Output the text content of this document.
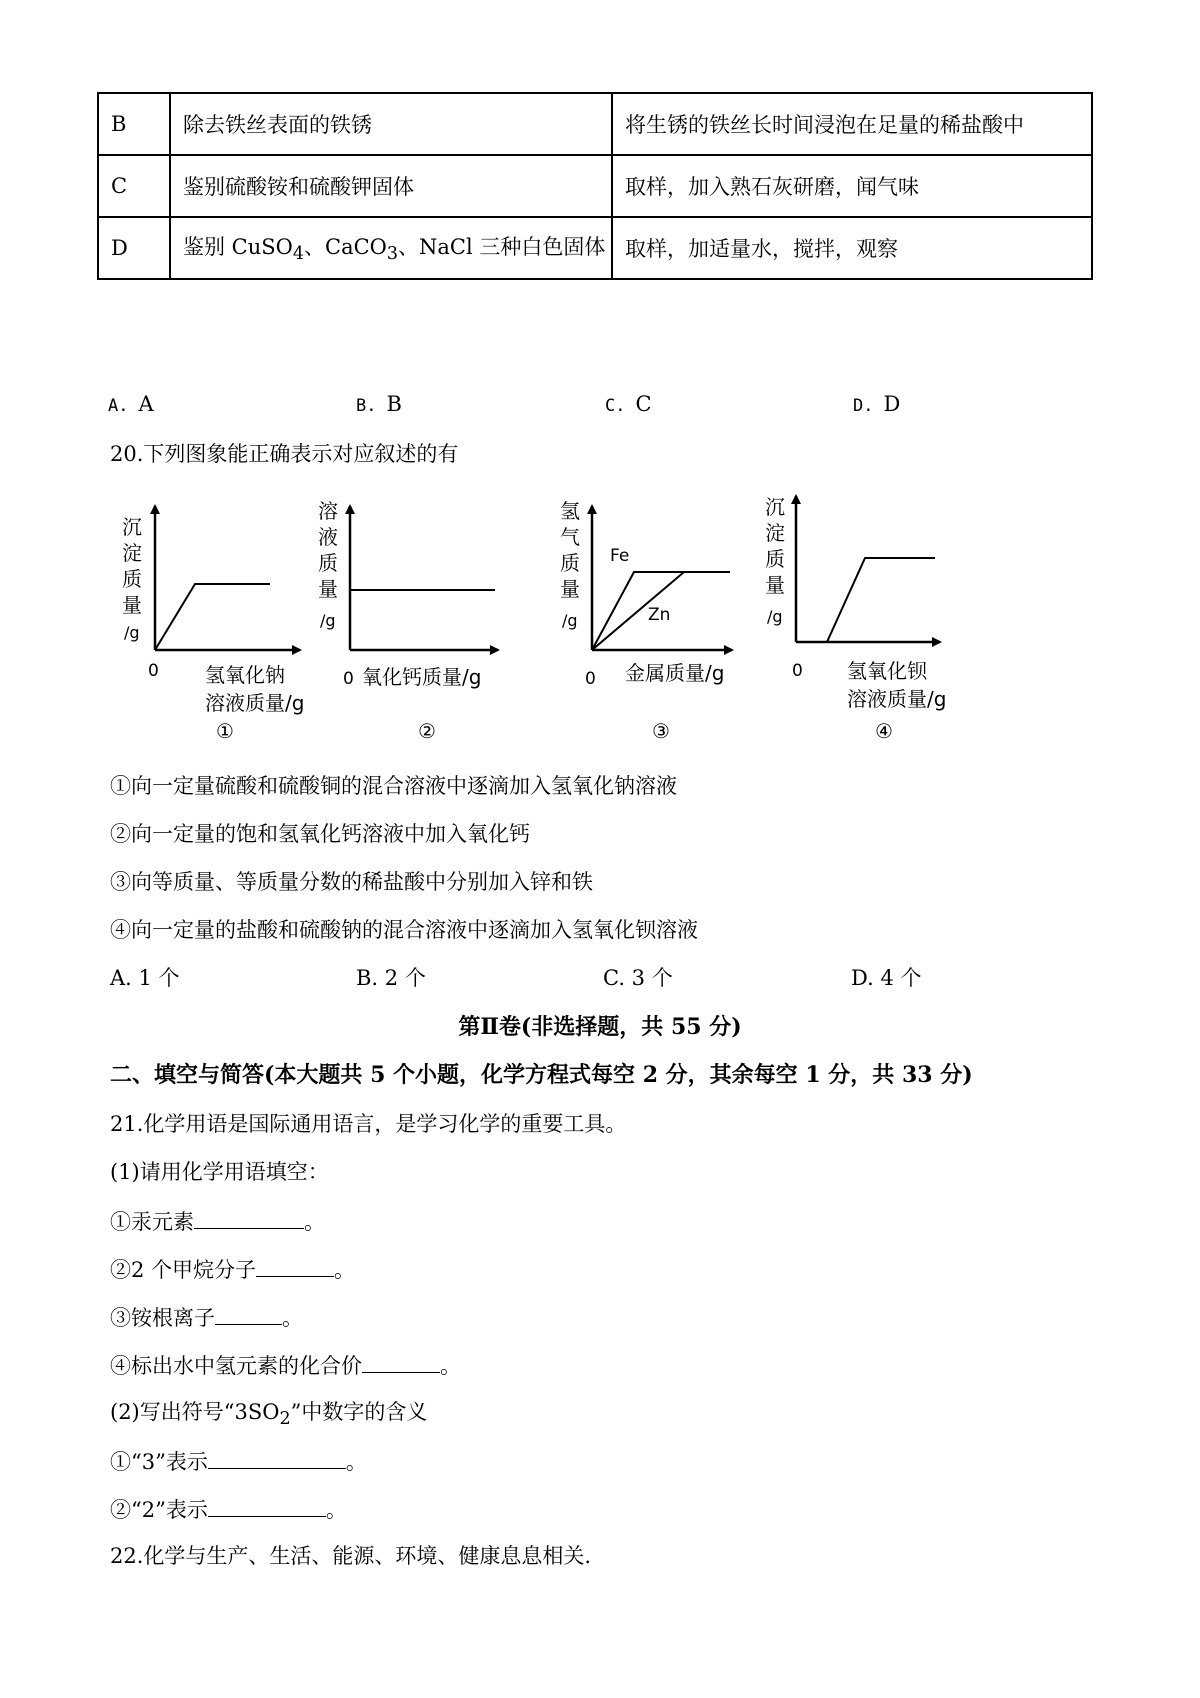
B	除去铁丝表面的铁锈	将生锈的铁丝长时间浸泡在足量的稀盐酸中
C	鉴别硫酸铵和硫酸钾固体	取样，加入熟石灰研磨，闻气味
D	鉴别 CuSO$_4$、CaCO$_3$、NaCl 三种白色固体	取样，加适量水，搅拌，观察
A. A	B. B	C. C	D. D
20.下列图象能正确表示对应叙述的有
沉
淀
质
量
/g
0 氢氧化钠
溶液质量/g
①
溶
液
质
量
/g
0 氧化钙质量/g
②
氢
气
质
量
/g
Fe
Zn
0 金属质量/g
③
沉
淀
质
量
/g
0 氢氧化钡
溶液质量/g
④
①向一定量硫酸和硫酸铜的混合溶液中逐滴加入氢氧化钠溶液
②向一定量的饱和氢氧化钙溶液中加入氧化钙
③向等质量、等质量分数的稀盐酸中分别加入锌和铁
④向一定量的盐酸和硫酸钠的混合溶液中逐滴加入氢氧化钡溶液
A. 1 个	B. 2 个	C. 3 个	D. 4 个
第Ⅱ卷(非选择题，共 55 分)
二、填空与简答(本大题共 5 个小题，化学方程式每空 2 分，其余每空 1 分，共 33 分)
21.化学用语是国际通用语言，是学习化学的重要工具。
(1)请用化学用语填空：
①汞元素	。
②2 个甲烷分子	。
③铵根离子	。
④标出水中氢元素的化合价	。
(2)写出符号“$3SO_2$”中数字的含义
①“3”表示	。
②“2”表示	。
22.化学与生产、生活、能源、环境、健康息息相关.
